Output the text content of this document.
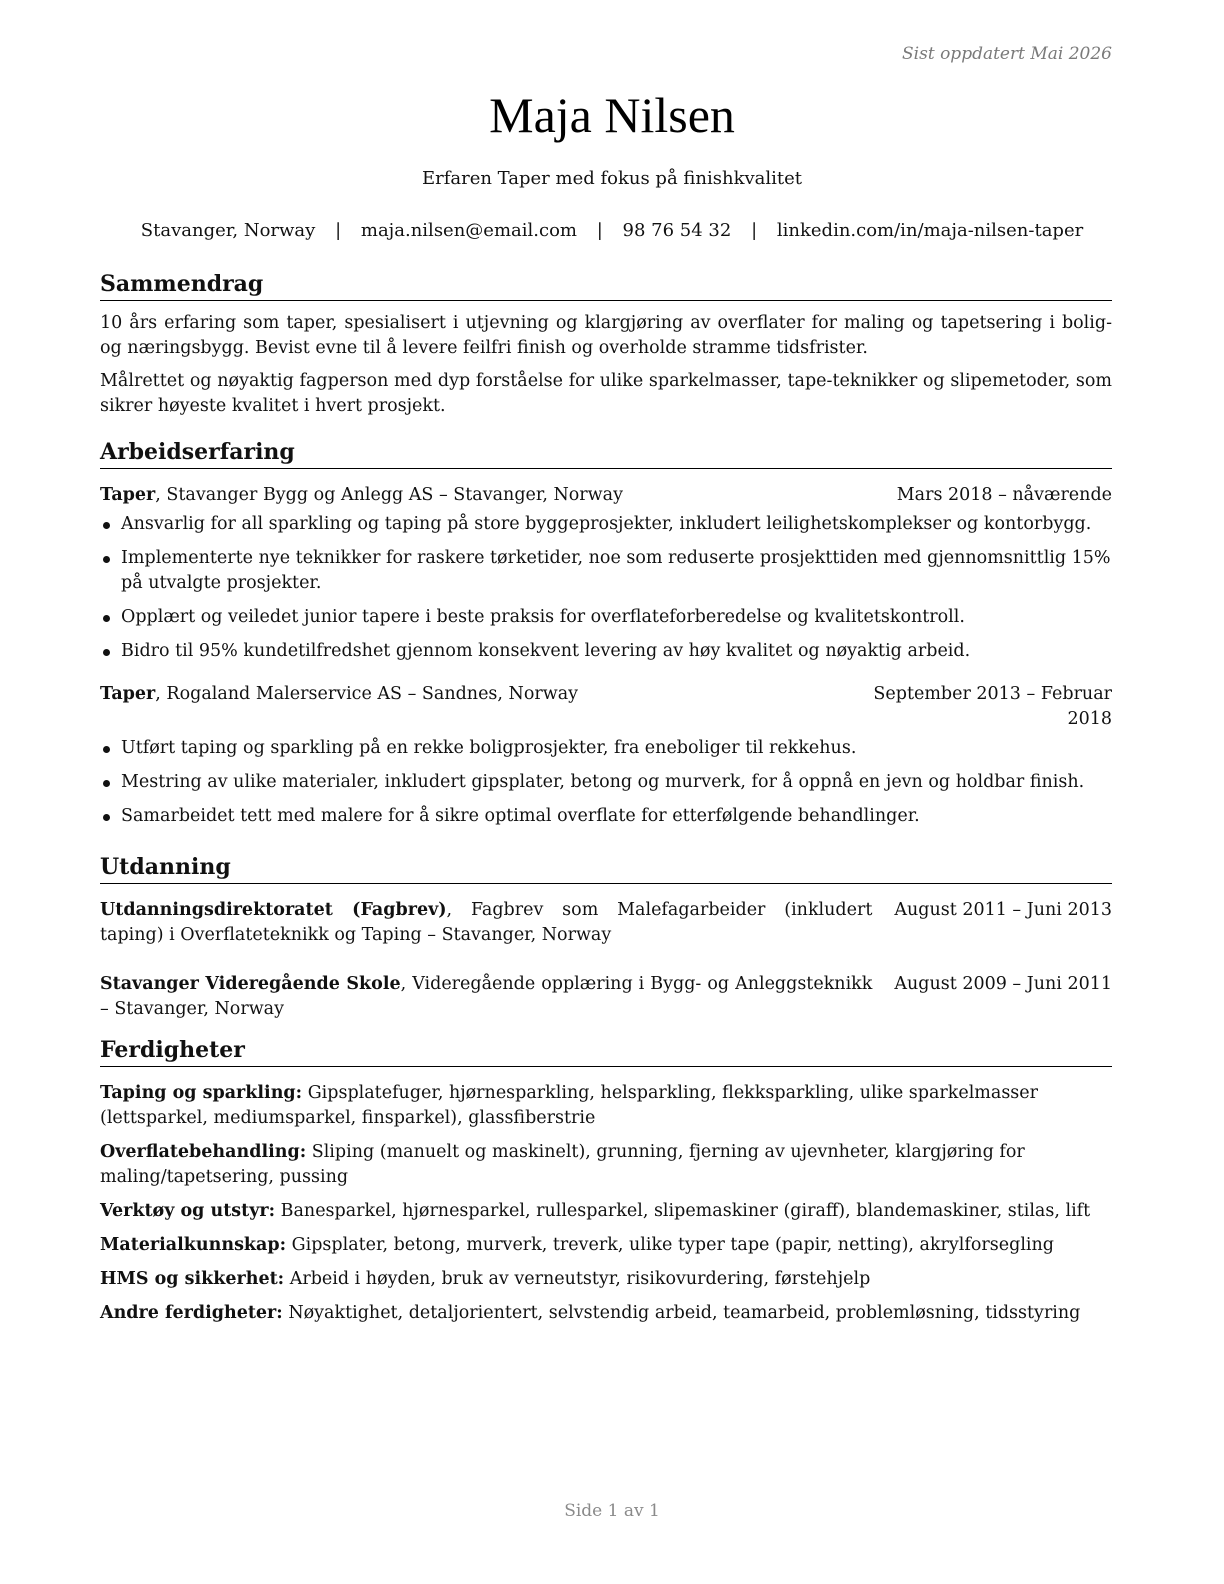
Sist oppdatert Mai 2026
Maja Nilsen
Erfaren Taper med fokus på finishkvalitet
Stavanger, Norway | maja.nilsen@email.com | 98 76 54 32 | linkedin.com/in/maja-nilsen-taper
Sammendrag

10 års erfaring som taper, spesialisert i utjevning og klargjøring av overflater for maling og tapetsering i bolig- og næringsbygg. Bevist evne til å levere feilfri finish og overholde stramme tidsfrister.

Målrettet og nøyaktig fagperson med dyp forståelse for ulike sparkelmasser, tape-teknikker og slipemetoder, som sikrer høyeste kvalitet i hvert prosjekt.

Arbeidserfaring
Taper, Stavanger Bygg og Anlegg AS – Stavanger, Norway	Mars 2018 – nåværende
Ansvarlig for all sparkling og taping på store byggeprosjekter, inkludert leilighetskomplekser og kontorbygg.
Implementerte nye teknikker for raskere tørketider, noe som reduserte prosjekttiden med gjennomsnittlig 15% på utvalgte prosjekter.
Opplært og veiledet junior tapere i beste praksis for overflateforberedelse og kvalitetskontroll.
Bidro til 95% kundetilfredshet gjennom konsekvent levering av høy kvalitet og nøyaktig arbeid.
Taper, Rogaland Malerservice AS – Sandnes, Norway	September 2013 – Februar 2018
Utført taping og sparkling på en rekke boligprosjekter, fra eneboliger til rekkehus.
Mestring av ulike materialer, inkludert gipsplater, betong og murverk, for å oppnå en jevn og holdbar finish.
Samarbeidet tett med malere for å sikre optimal overflate for etterfølgende behandlinger.
Utdanning
Utdanningsdirektoratet (Fagbrev), Fagbrev som Malefagarbeider (inkludert taping) i Overflateteknikk og Taping – Stavanger, Norway
August 2011 – Juni 2013
Stavanger Videregående Skole, Videregående opplæring i Bygg- og Anleggsteknikk – Stavanger, Norway
August 2009 – Juni 2011
Ferdigheter

Taping og sparkling: Gipsplatefuger, hjørnesparkling, helsparkling, flekksparkling, ulike sparkelmasser (lettsparkel, mediumsparkel, finsparkel), glassfiberstrie

Overflatebehandling: Sliping (manuelt og maskinelt), grunning, fjerning av ujevnheter, klargjøring for maling/tapetsering, pussing

Verktøy og utstyr: Banesparkel, hjørnesparkel, rullesparkel, slipemaskiner (giraff), blandemaskiner, stilas, lift

Materialkunnskap: Gipsplater, betong, murverk, treverk, ulike typer tape (papir, netting), akrylforsegling

HMS og sikkerhet: Arbeid i høyden, bruk av verneutstyr, risikovurdering, førstehjelp

Andre ferdigheter: Nøyaktighet, detaljorientert, selvstendig arbeid, teamarbeid, problemløsning, tidsstyring

Side 1 av 1
